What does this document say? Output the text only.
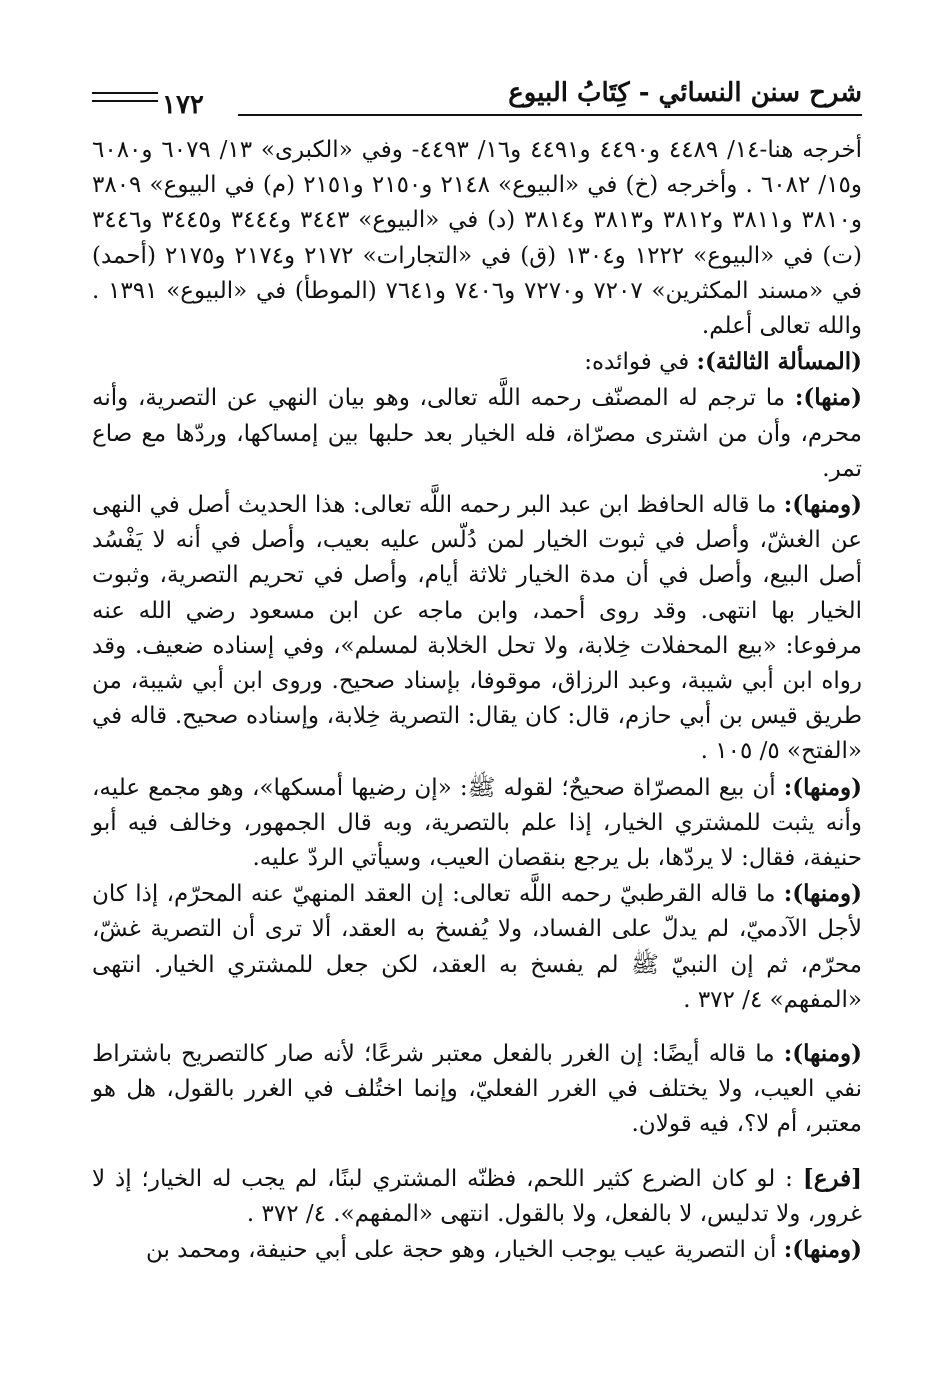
شرح سنن النسائي - كِتَابُ البيوع
١٧٢

أخرجه هنا-١٤/ ٤٤٨٩ و٤٤٩٠ و٤٤٩١ و١٦/ ٤٤٩٣- وفي «الكبرى» ١٣/ ٦٠٧٩ و٦٠٨٠ و١٥/ ٦٠٨٢ . وأخرجه (خ) في «البيوع» ٢١٤٨ و٢١٥٠ و٢١٥١ (م) في البيوع» ٣٨٠٩ و٣٨١٠ و٣٨١١ و٣٨١٢ و٣٨١٣ و٣٨١٤ (د) في «البيوع» ٣٤٤٣ و٣٤٤٤ و٣٤٤٥ و٣٤٤٦ (ت) في «البيوع» ١٢٢٢ و١٣٠٤ (ق) في «التجارات» ٢١٧٢ و٢١٧٤ و٢١٧٥ (أحمد) في «مسند المكثرين» ٧٢٠٧ و٧٢٧٠ و٧٤٠٦ و٧٦٤١ (الموطأ) في «البيوع» ١٣٩١ . والله تعالى أعلم.

(المسألة الثالثة): في فوائده:

(منها): ما ترجم له المصنّف رحمه اللَّه تعالى، وهو بيان النهي عن التصرية، وأنه محرم، وأن من اشترى مصرّاة، فله الخيار بعد حلبها بين إمساكها، وردّها مع صاع تمر.

(ومنها): ما قاله الحافظ ابن عبد البر رحمه اللَّه تعالى: هذا الحديث أصل في النهى عن الغشّ، وأصل في ثبوت الخيار لمن دُلّس عليه بعيب، وأصل في أنه لا يَفْسُد أصل البيع، وأصل في أن مدة الخيار ثلاثة أيام، وأصل في تحريم التصرية، وثبوت الخيار بها انتهى. وقد روى أحمد، وابن ماجه عن ابن مسعود رضي الله عنه مرفوعا: «بيع المحفلات خِلابة، ولا تحل الخلابة لمسلم»، وفي إسناده ضعيف. وقد رواه ابن أبي شيبة، وعبد الرزاق، موقوفا، بإسناد صحيح. وروى ابن أبي شيبة، من طريق قيس بن أبي حازم، قال: كان يقال: التصرية خِلابة، وإسناده صحيح. قاله في «الفتح» ٥/ ١٠٥ .

(ومنها): أن بيع المصرّاة صحيحٌ؛ لقوله ﷺ: «إن رضيها أمسكها»، وهو مجمع عليه، وأنه يثبت للمشتري الخيار، إذا علم بالتصرية، وبه قال الجمهور، وخالف فيه أبو حنيفة، فقال: لا يردّها، بل يرجع بنقصان العيب، وسيأتي الردّ عليه.

(ومنها): ما قاله القرطبيّ رحمه اللَّه تعالى: إن العقد المنهيّ عنه المحرّم، إذا كان لأجل الآدميّ، لم يدلّ على الفساد، ولا يُفسخ به العقد، ألا ترى أن التصرية غشّ، محرّم، ثم إن النبيّ ﷺ لم يفسخ به العقد، لكن جعل للمشتري الخيار. انتهى «المفهم» ٤/ ٣٧٢ .

(ومنها): ما قاله أيضًا: إن الغرر بالفعل معتبر شرعًا؛ لأنه صار كالتصريح باشتراط نفي العيب، ولا يختلف في الغرر الفعليّ، وإنما اختُلف في الغرر بالقول، هل هو معتبر، أم لا؟، فيه قولان.

[فرع] : لو كان الضرع كثير اللحم، فظنّه المشتري لبنًا، لم يجب له الخيار؛ إذ لا غرور، ولا تدليس، لا بالفعل، ولا بالقول. انتهى «المفهم». ٤/ ٣٧٢ .

(ومنها): أن التصرية عيب يوجب الخيار، وهو حجة على أبي حنيفة، ومحمد بن
